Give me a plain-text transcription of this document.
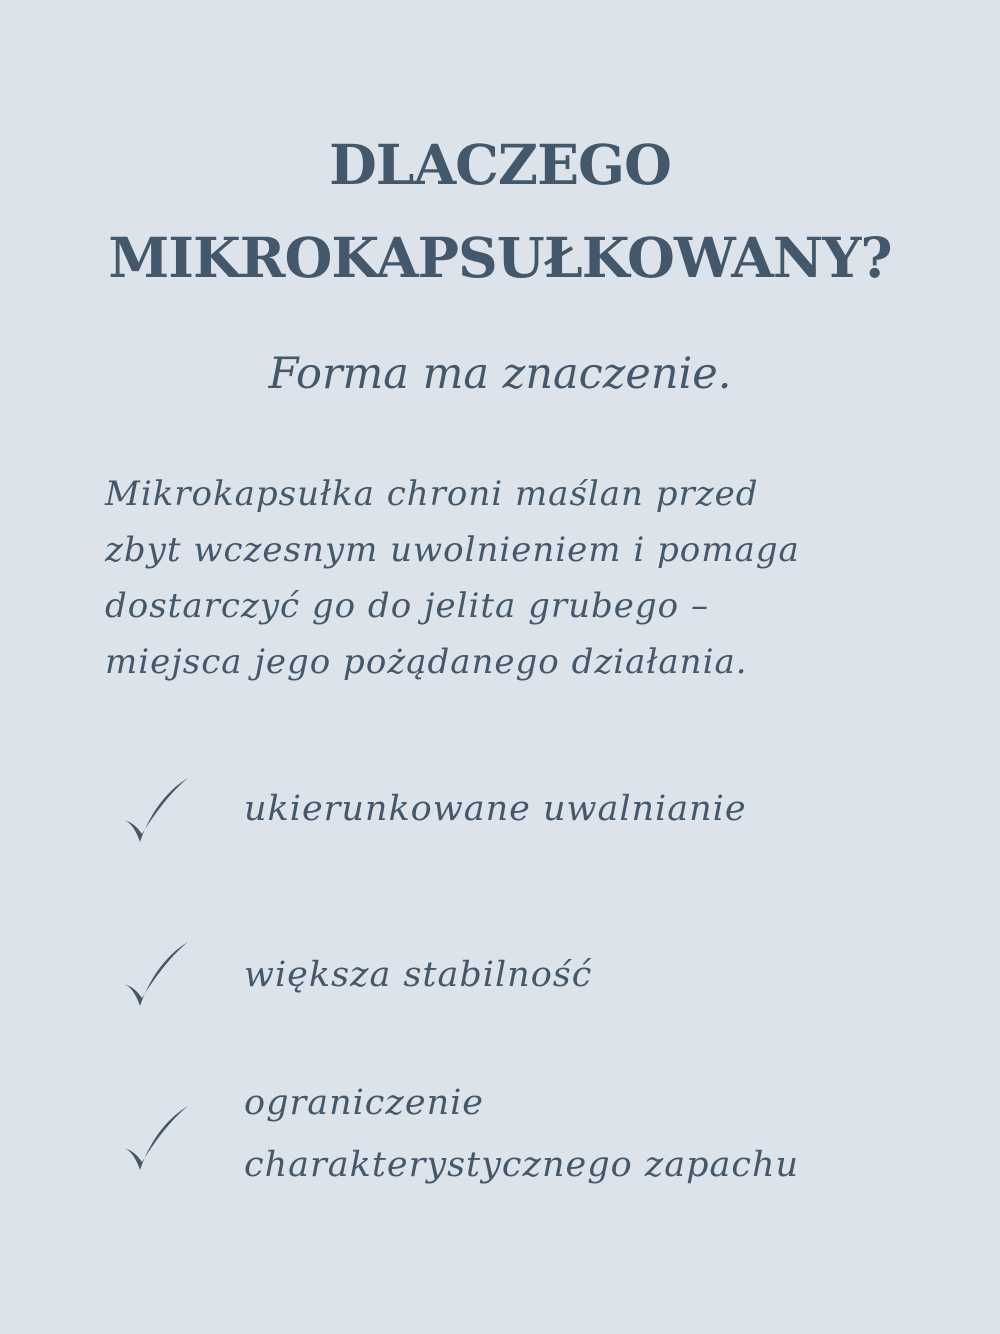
DLACZEGO
MIKROKAPSUŁKOWANY?
Forma ma znaczenie.
Mikrokapsułka chroni maślan przed
zbyt wczesnym uwolnieniem i pomaga
dostarczyć go do jelita grubego –
miejsca jego pożądanego działania.
ukierunkowane uwalnianie
większa stabilność
ograniczenie
charakterystycznego zapachu
